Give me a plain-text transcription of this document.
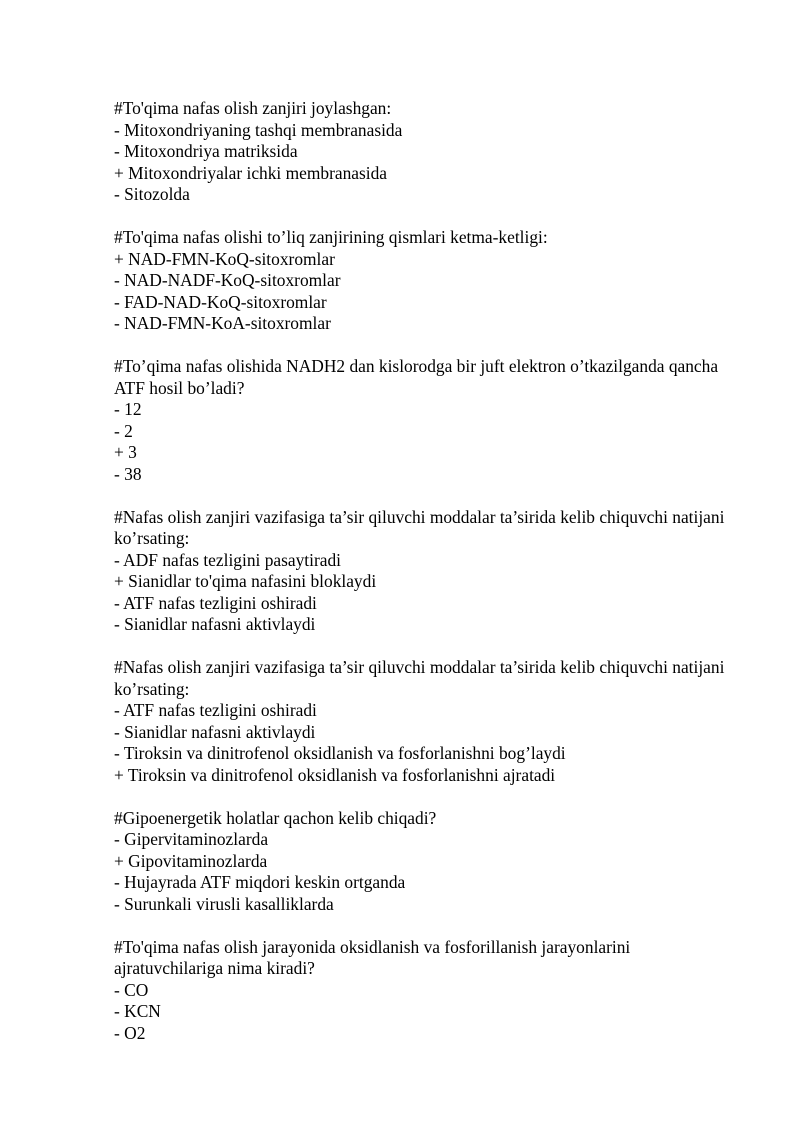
#To'qima nafas olish zanjiri joylashgan:
- Mitoxondriyaning tashqi membranasida
- Mitoxondriya matriksida
+ Mitoxondriyalar ichki membranasida
- Sitozolda
#To'qima nafas olishi to’liq zanjirining qismlari ketma-ketligi:
+ NAD-FMN-KoQ-sitoxromlar
- NAD-NADF-KoQ-sitoxromlar
- FAD-NAD-KoQ-sitoxromlar
- NAD-FMN-KoA-sitoxromlar
#To’qima nafas olishida NADH2 dan kislorodga bir juft elektron o’tkazilganda qancha ATF hosil bo’ladi?
- 12
- 2
+ 3
- 38
#Nafas olish zanjiri vazifasiga ta’sir qiluvchi moddalar ta’sirida kelib chiquvchi natijani ko’rsating:
- ADF nafas tezligini pasaytiradi
+ Sianidlar to'qima nafasini bloklaydi
- ATF nafas tezligini oshiradi
- Sianidlar nafasni aktivlaydi
#Nafas olish zanjiri vazifasiga ta’sir qiluvchi moddalar ta’sirida kelib chiquvchi natijani ko’rsating:
- ATF nafas tezligini oshiradi
- Sianidlar nafasni aktivlaydi
- Tiroksin va dinitrofenol oksidlanish va fosforlanishni bog’laydi
+ Tiroksin va dinitrofenol oksidlanish va fosforlanishni ajratadi
#Gipoenergetik holatlar qachon kelib chiqadi?
- Gipervitaminozlarda
+ Gipovitaminozlarda
- Hujayrada ATF miqdori keskin ortganda
- Surunkali virusli kasalliklarda
#To'qima nafas olish jarayonida oksidlanish va fosforillanish jarayonlarini ajratuvchilariga nima kiradi?
- CO
- KCN
- O2
